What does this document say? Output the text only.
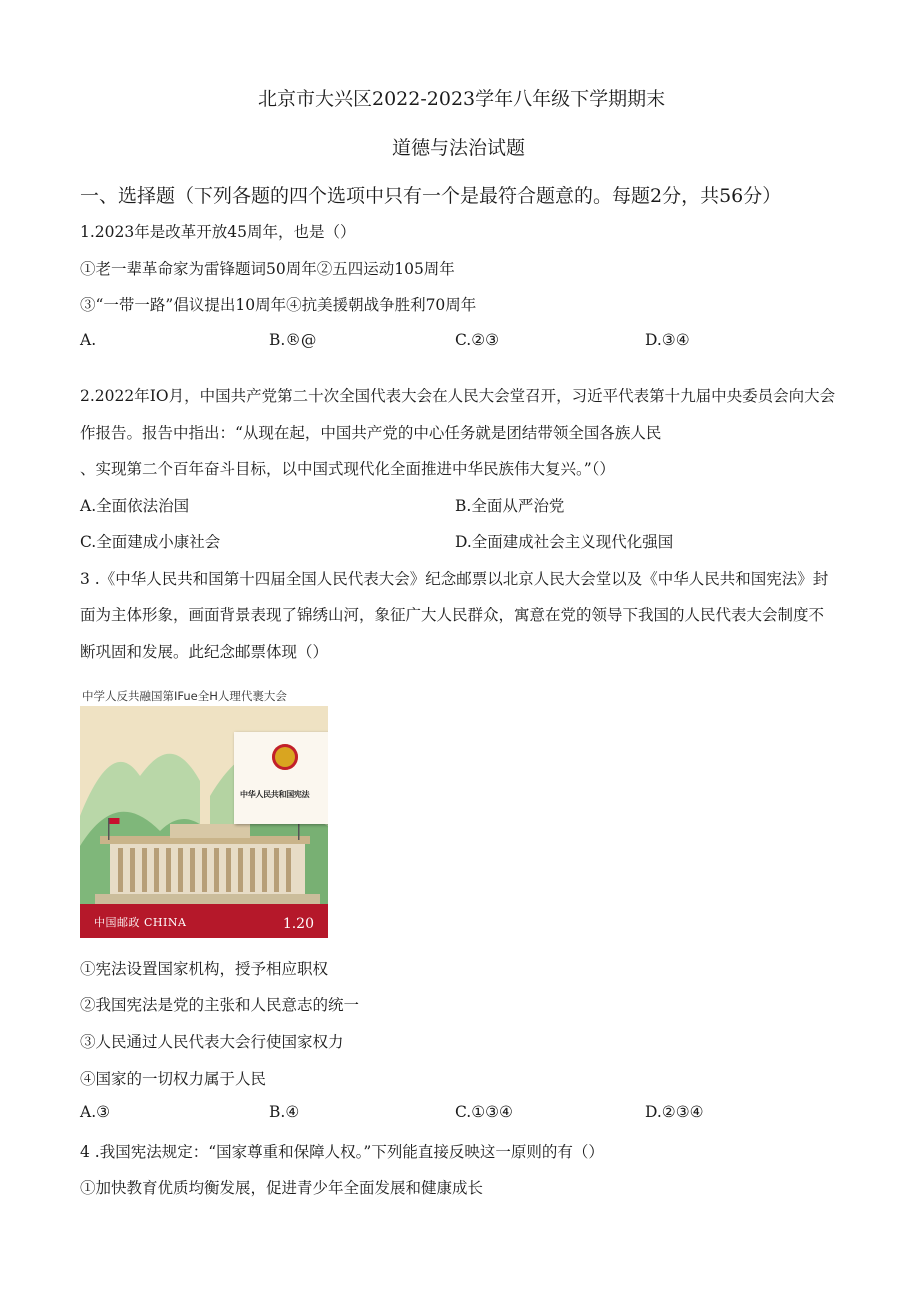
北京市大兴区2022-2023学年八年级下学期期末

道德与法治试题

一、选择题（下列各题的四个选项中只有一个是最符合题意的。每题2分，共56分）

1.2023年是改革开放45周年，也是（）

①老一辈革命家为雷锋题词50周年②五四运动105周年

③“一带一路”倡议提出10周年④抗美援朝战争胜利70周年

A.	B.®@	C.②③	D.③④

2.2022年IO月，中国共产党第二十次全国代表大会在人民大会堂召开，习近平代表第十九届中央委员会向大会

作报告。报告中指出：“从现在起，中国共产党的中心任务就是团结带领全国各族人民

、实现第二个百年奋斗目标，以中国式现代化全面推进中华民族伟大复兴。”（）

A.全面依法治国	B.全面从严治党

C.全面建成小康社会	D.全面建成社会主义现代化强国

3 .《中华人民共和国第十四届全国人民代表大会》纪念邮票以北京人民大会堂以及《中华人民共和国宪法》封

面为主体形象，画面背景表现了锦绣山河，象征广大人民群众，寓意在党的领导下我国的人民代表大会制度不

断巩固和发展。此纪念邮票体现（）

中学人反共融国第IFue全H人理代裹大会

中华人民共和国宪法
中国邮政 CHINA	1.20

①宪法设置国家机构，授予相应职权

②我国宪法是党的主张和人民意志的统一

③人民通过人民代表大会行使国家权力

④国家的一切权力属于人民

A.③	B.④	C.①③④	D.②③④

4 .我国宪法规定：“国家尊重和保障人权。”下列能直接反映这一原则的有（）

①加快教育优质均衡发展，促进青少年全面发展和健康成长
